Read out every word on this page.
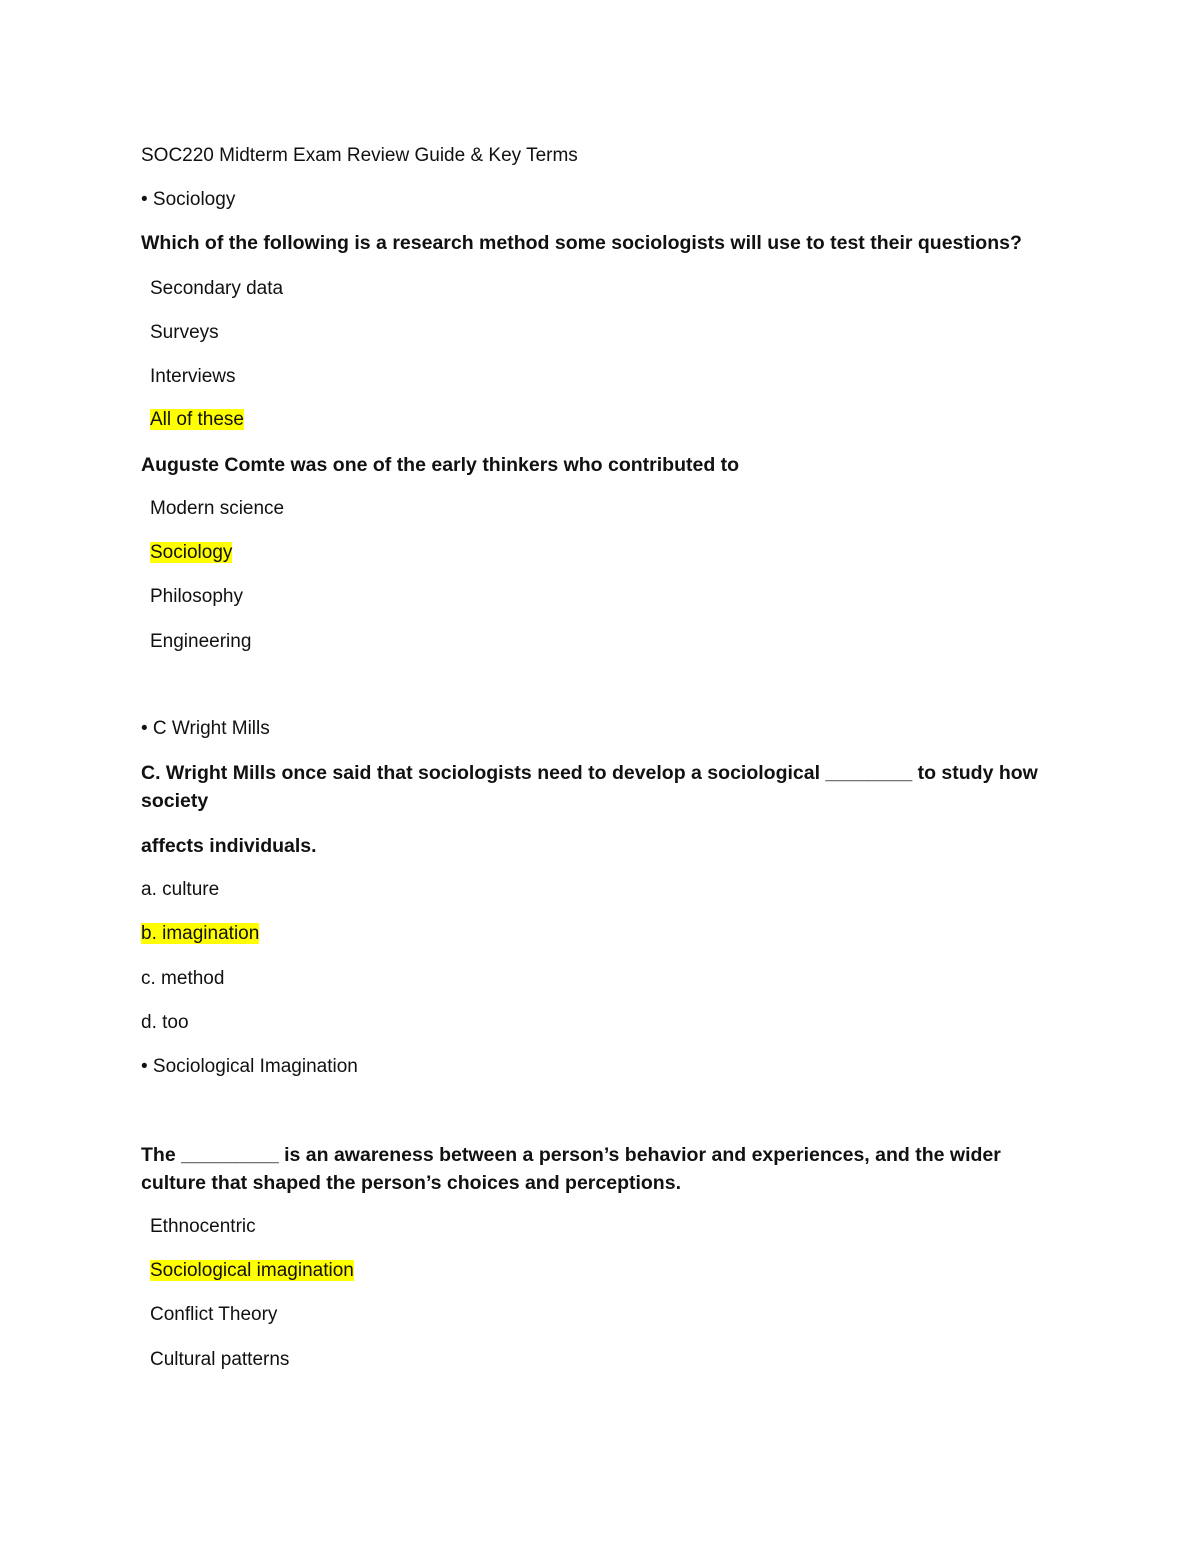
SOC220 Midterm Exam Review Guide & Key Terms
• Sociology
Which of the following is a research method some sociologists will use to test their questions?
Secondary data
Surveys
Interviews
All of these
Auguste Comte was one of the early thinkers who contributed to
Modern science
Sociology
Philosophy
Engineering
• C Wright Mills
C. Wright Mills once said that sociologists need to develop a sociological ________ to study how society
affects individuals.
a. culture
b. imagination
c. method
d. too
• Sociological Imagination
The _________ is an awareness between a person’s behavior and experiences, and the wider culture that shaped the person’s choices and perceptions.
Ethnocentric
Sociological imagination
Conflict Theory
Cultural patterns
